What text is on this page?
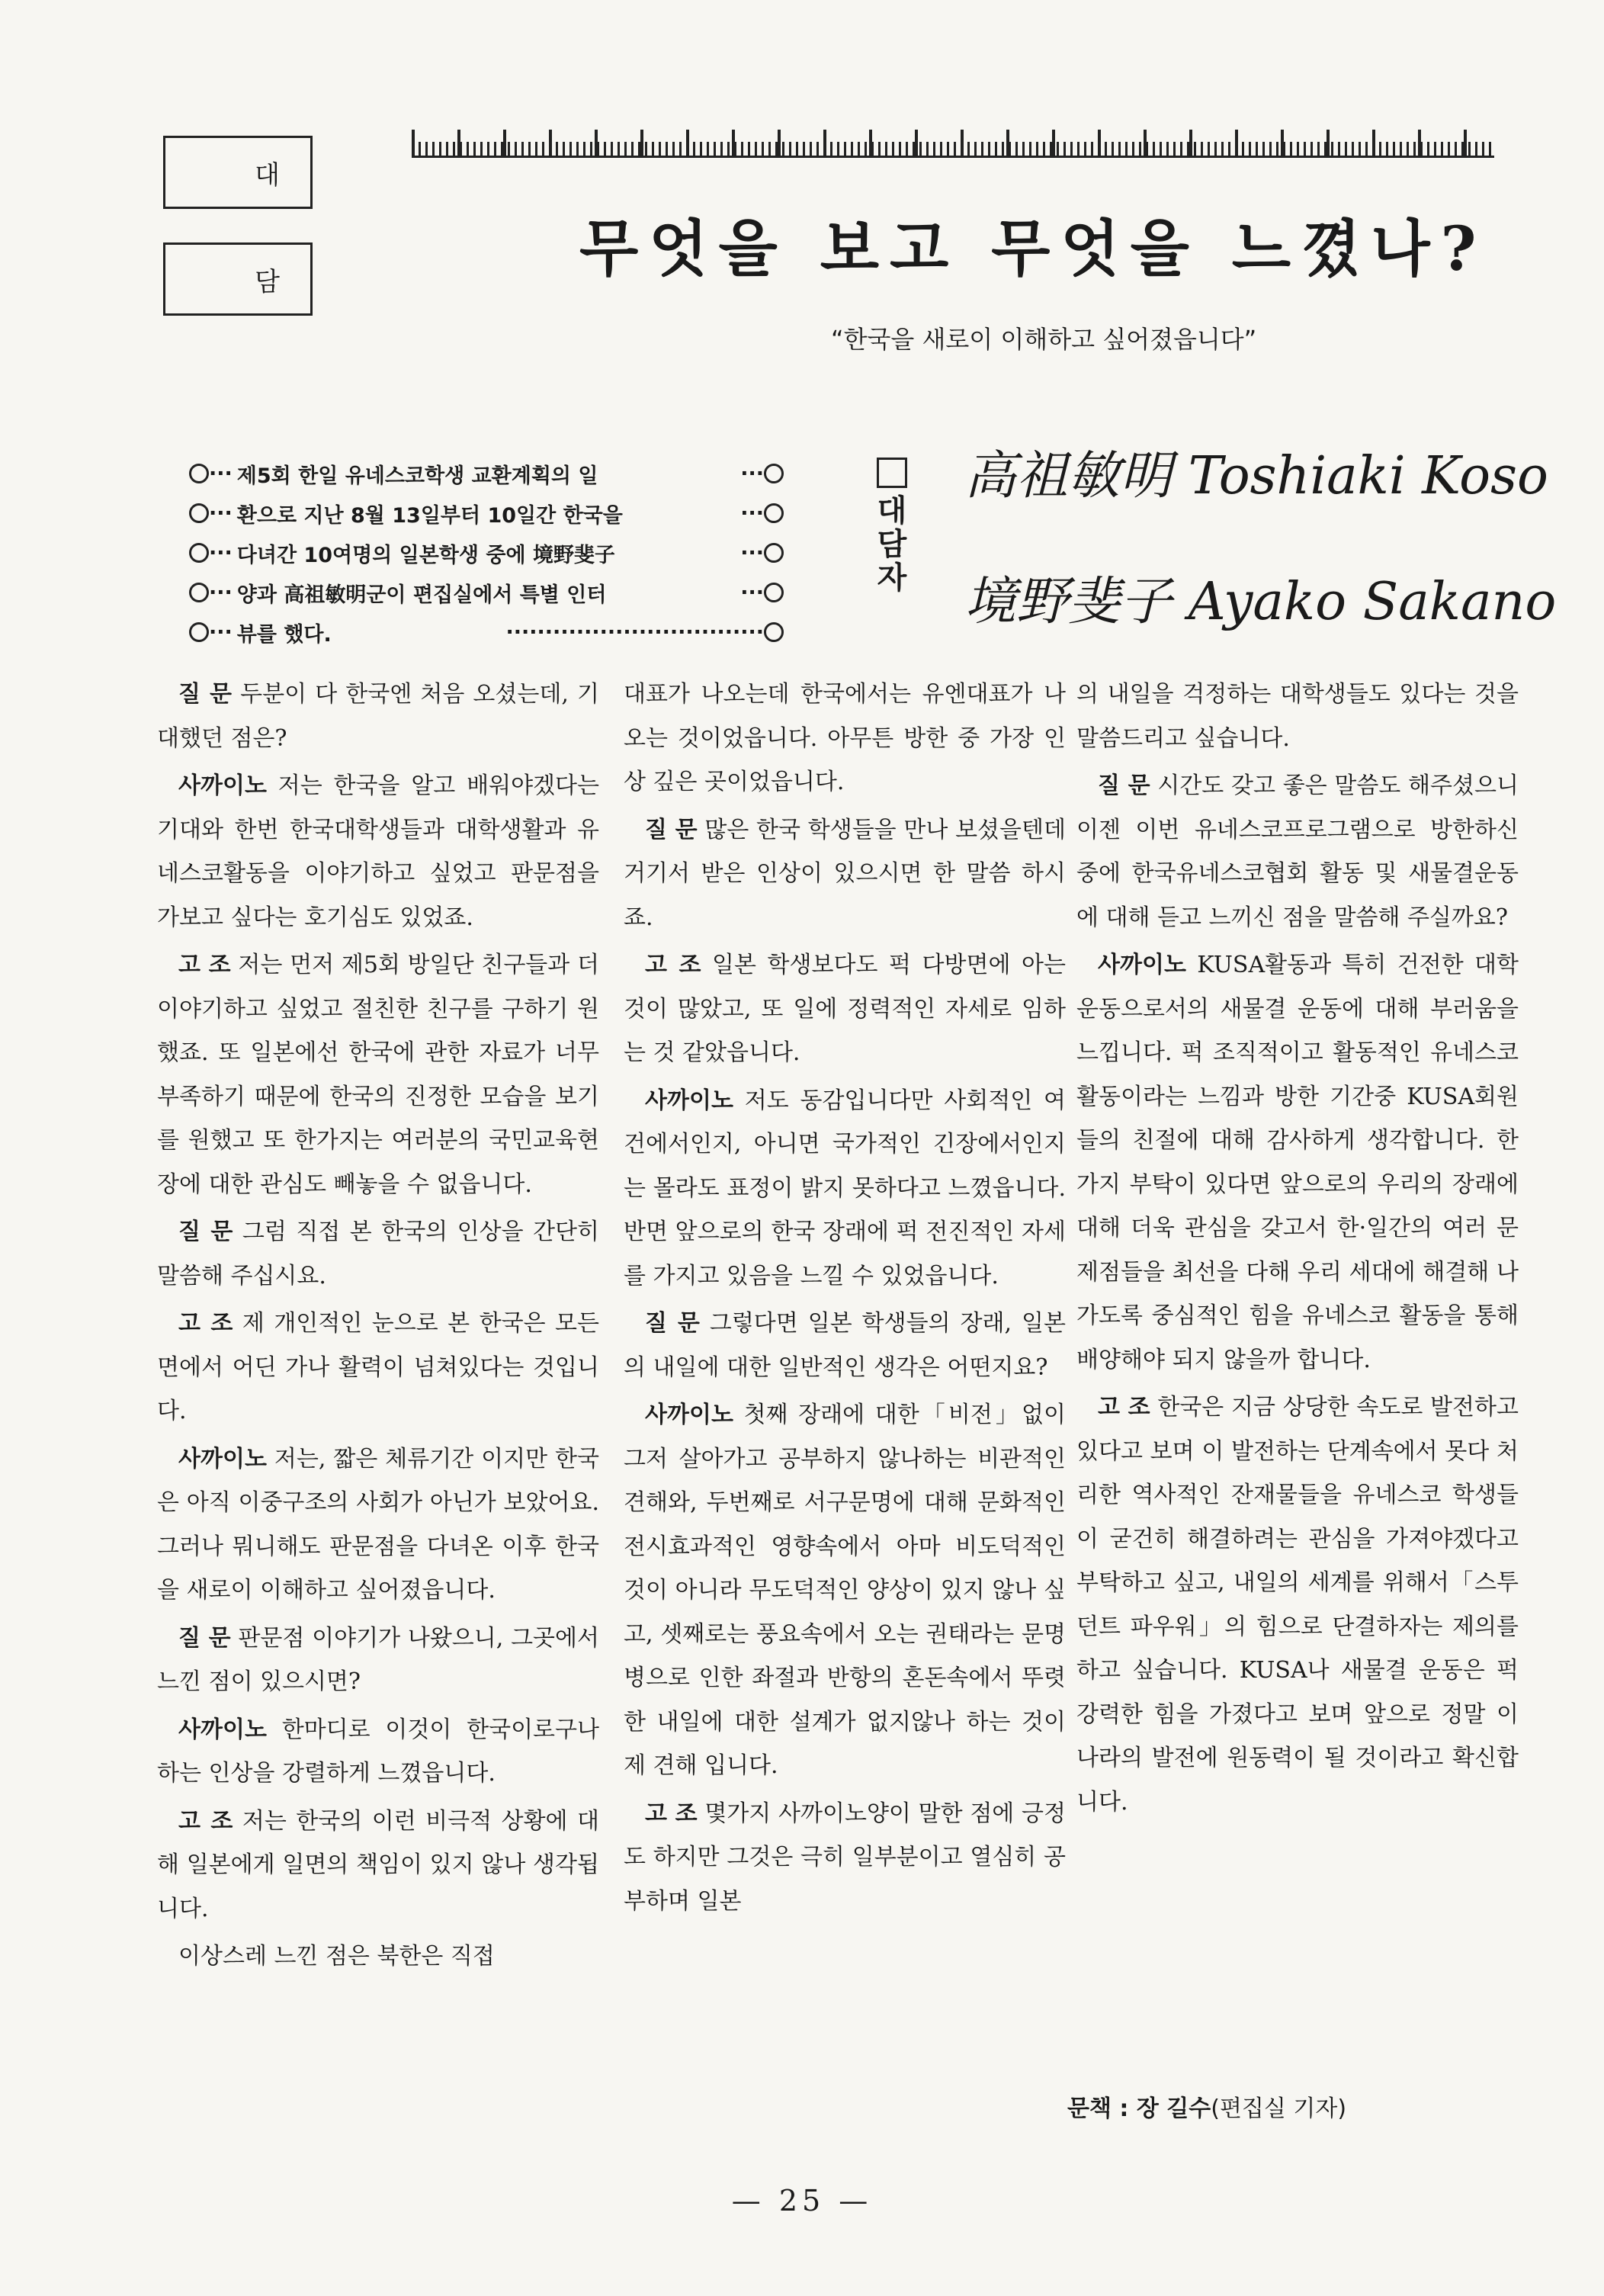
대
담	무엇을 보고 무엇을 느꼈나?
“한국을 새로이 이해하고 싶어졌읍니다”
··· 제5회 한일 유네스코학생 교환계획의 일	···
··· 환으로 지난 8월 13일부터 10일간 한국을	···
··· 다녀간 10여명의 일본학생 중에 境野斐子	···
··· 양과 高祖敏明군이 편집실에서 특별 인터	···
··· 뷰를 했다.	·································
대
담
자
高祖敏明 Toshiaki Koso
境野斐子 Ayako Sakano

질 문 두분이 다 한국엔 처음 오셨는데, 기대했던 점은?

사까이노 저는 한국을 알고 배워야겠다는 기대와 한번 한국대학생들과 대학생활과 유네스코활동을 이야기하고 싶었고 판문점을 가보고 싶다는 호기심도 있었죠.

고 조 저는 먼저 제5회 방일단 친구들과 더 이야기하고 싶었고 절친한 친구를 구하기 원했죠. 또 일본에선 한국에 관한 자료가 너무 부족하기 때문에 한국의 진정한 모습을 보기를 원했고 또 한가지는 여러분의 국민교육현장에 대한 관심도 빼놓을 수 없읍니다.

질 문 그럼 직접 본 한국의 인상을 간단히 말씀해 주십시요.

고 조 제 개인적인 눈으로 본 한국은 모든 면에서 어딘 가나 활력이 넘쳐있다는 것입니다.

사까이노 저는, 짧은 체류기간 이지만 한국은 아직 이중구조의 사회가 아닌가 보았어요. 그러나 뭐니해도 판문점을 다녀온 이후 한국을 새로이 이해하고 싶어졌읍니다.

질 문 판문점 이야기가 나왔으니, 그곳에서 느낀 점이 있으시면?

사까이노 한마디로 이것이 한국이로구나 하는 인상을 강렬하게 느꼈읍니다.

고 조 저는 한국의 이런 비극적 상황에 대해 일본에게 일면의 책임이 있지 않나 생각됩니다.

이상스레 느낀 점은 북한은 직접

대표가 나오는데 한국에서는 유엔대표가 나오는 것이었읍니다. 아무튼 방한 중 가장 인상 깊은 곳이었읍니다.

질 문 많은 한국 학생들을 만나 보셨을텐데 거기서 받은 인상이 있으시면 한 말씀 하시죠.

고 조 일본 학생보다도 퍽 다방면에 아는 것이 많았고, 또 일에 정력적인 자세로 임하는 것 같았읍니다.

사까이노 저도 동감입니다만 사회적인 여건에서인지, 아니면 국가적인 긴장에서인지는 몰라도 표정이 밝지 못하다고 느꼈읍니다. 반면 앞으로의 한국 장래에 퍽 전진적인 자세를 가지고 있음을 느낄 수 있었읍니다.

질 문 그렇다면 일본 학생들의 장래, 일본의 내일에 대한 일반적인 생각은 어떤지요?

사까이노 첫째 장래에 대한「비전」없이 그저 살아가고 공부하지 않나하는 비관적인 견해와, 두번째로 서구문명에 대해 문화적인 전시효과적인 영향속에서 아마 비도덕적인 것이 아니라 무도덕적인 양상이 있지 않나 싶고, 셋째로는 풍요속에서 오는 권태라는 문명병으로 인한 좌절과 반항의 혼돈속에서 뚜렷한 내일에 대한 설계가 없지않나 하는 것이 제 견해 입니다.

고 조 몇가지 사까이노양이 말한 점에 긍정도 하지만 그것은 극히 일부분이고 열심히 공부하며 일본

의 내일을 걱정하는 대학생들도 있다는 것을 말씀드리고 싶습니다.

질 문 시간도 갖고 좋은 말씀도 해주셨으니 이젠 이번 유네스코프로그램으로 방한하신 중에 한국유네스코협회 활동 및 새물결운동에 대해 듣고 느끼신 점을 말씀해 주실까요?

사까이노 KUSA활동과 특히 건전한 대학운동으로서의 새물결 운동에 대해 부러움을 느낍니다. 퍽 조직적이고 활동적인 유네스코 활동이라는 느낌과 방한 기간중 KUSA회원들의 친절에 대해 감사하게 생각합니다. 한 가지 부탁이 있다면 앞으로의 우리의 장래에 대해 더욱 관심을 갖고서 한·일간의 여러 문제점들을 최선을 다해 우리 세대에 해결해 나가도록 중심적인 힘을 유네스코 활동을 통해 배양해야 되지 않을까 합니다.

고 조 한국은 지금 상당한 속도로 발전하고 있다고 보며 이 발전하는 단계속에서 못다 처리한 역사적인 잔재물들을 유네스코 학생들이 굳건히 해결하려는 관심을 가져야겠다고 부탁하고 싶고, 내일의 세계를 위해서「스투던트 파우워」의 힘으로 단결하자는 제의를 하고 싶습니다. KUSA나 새물결 운동은 퍽 강력한 힘을 가졌다고 보며 앞으로 정말 이 나라의 발전에 원동력이 될 것이라고 확신합니다.

문책 : 장 길수(편집실 기자)
— 25 —
